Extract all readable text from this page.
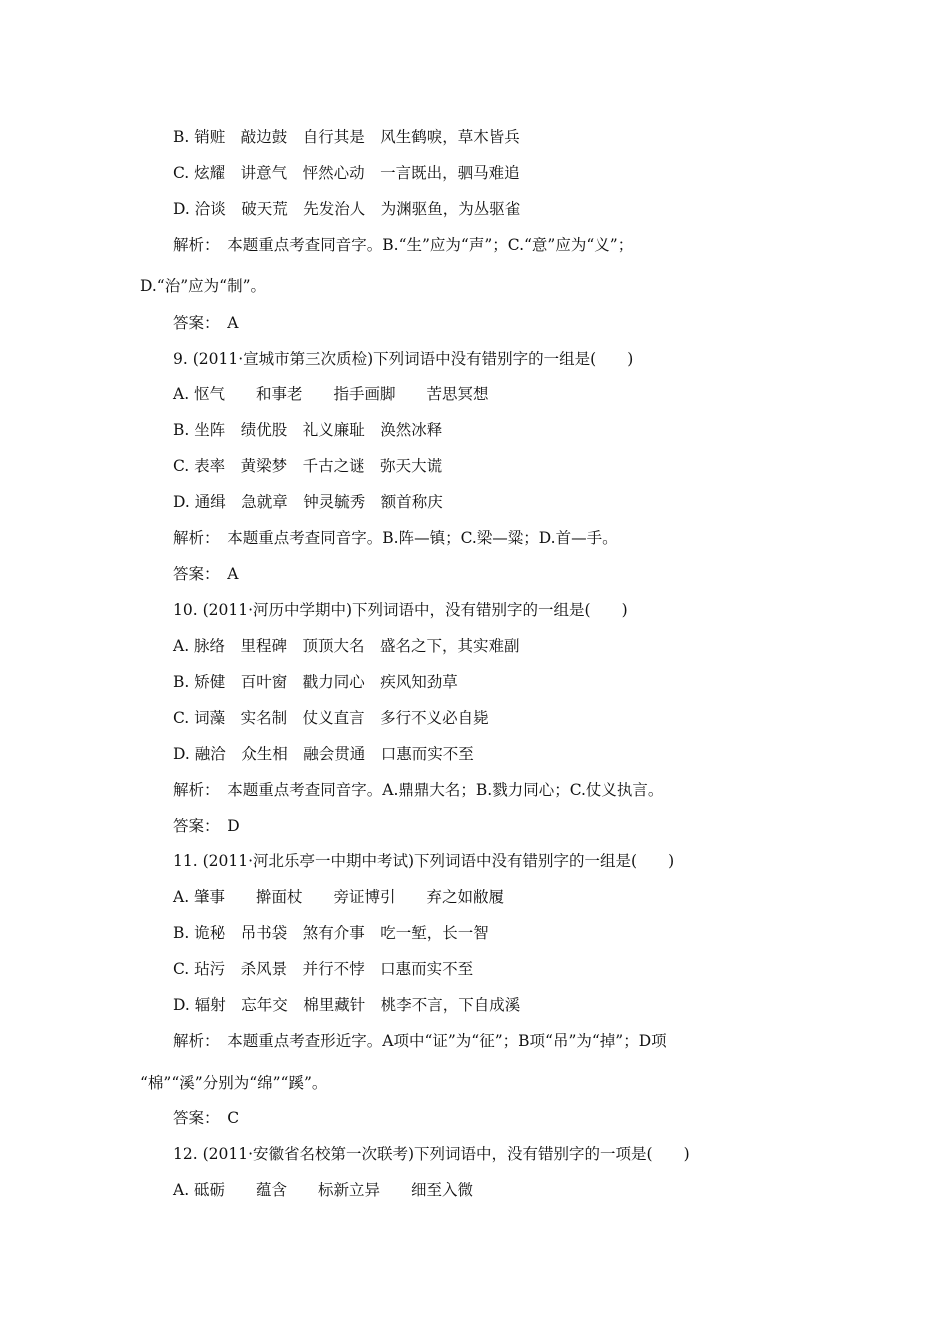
B. 销赃　敲边鼓　自行其是　风生鹤唳，草木皆兵
C. 炫耀　讲意气　怦然心动　一言既出，驷马难追
D. 洽谈　破天荒　先发治人　为渊驱鱼，为丛驱雀
解析：　本题重点考查同音字。B.“生”应为“声”；C.“意”应为“义”；
D.“治”应为“制”。
答案：　A
9. (2011·宣城市第三次质检)下列词语中没有错别字的一组是(　　)
A. 怄气　　和事老　　指手画脚　　苦思冥想
B. 坐阵　绩优股　礼义廉耻　涣然冰释
C. 表率　黄梁梦　千古之谜　弥天大谎
D. 通缉　急就章　钟灵毓秀　额首称庆
解析：　本题重点考查同音字。B.阵—镇；C.梁—粱；D.首—手。
答案：　A
10. (2011·河历中学期中)下列词语中，没有错别字的一组是(　　)
A. 脉络　里程碑　顶顶大名　盛名之下，其实难副
B. 矫健　百叶窗　戳力同心　疾风知劲草
C. 词藻　实名制　仗义直言　多行不义必自毙
D. 融洽　众生相　融会贯通　口惠而实不至
解析：　本题重点考查同音字。A.鼎鼎大名；B.戮力同心；C.仗义执言。
答案：　D
11. (2011·河北乐亭一中期中考试)下列词语中没有错别字的一组是(　　)
A. 肇事　　擀面杖　　旁证博引　　弃之如敝履
B. 诡秘　吊书袋　煞有介事　吃一堑，长一智
C. 玷污　杀风景　并行不悖　口惠而实不至
D. 辐射　忘年交　棉里藏针　桃李不言，下自成溪
解析：　本题重点考查形近字。A项中“证”为“征”；B项“吊”为“掉”；D项
“棉”“溪”分别为“绵”“蹊”。
答案：　C
12. (2011·安徽省名校第一次联考)下列词语中，没有错别字的一项是(　　)
A. 砥砺　　蕴含　　标新立异　　细至入微
